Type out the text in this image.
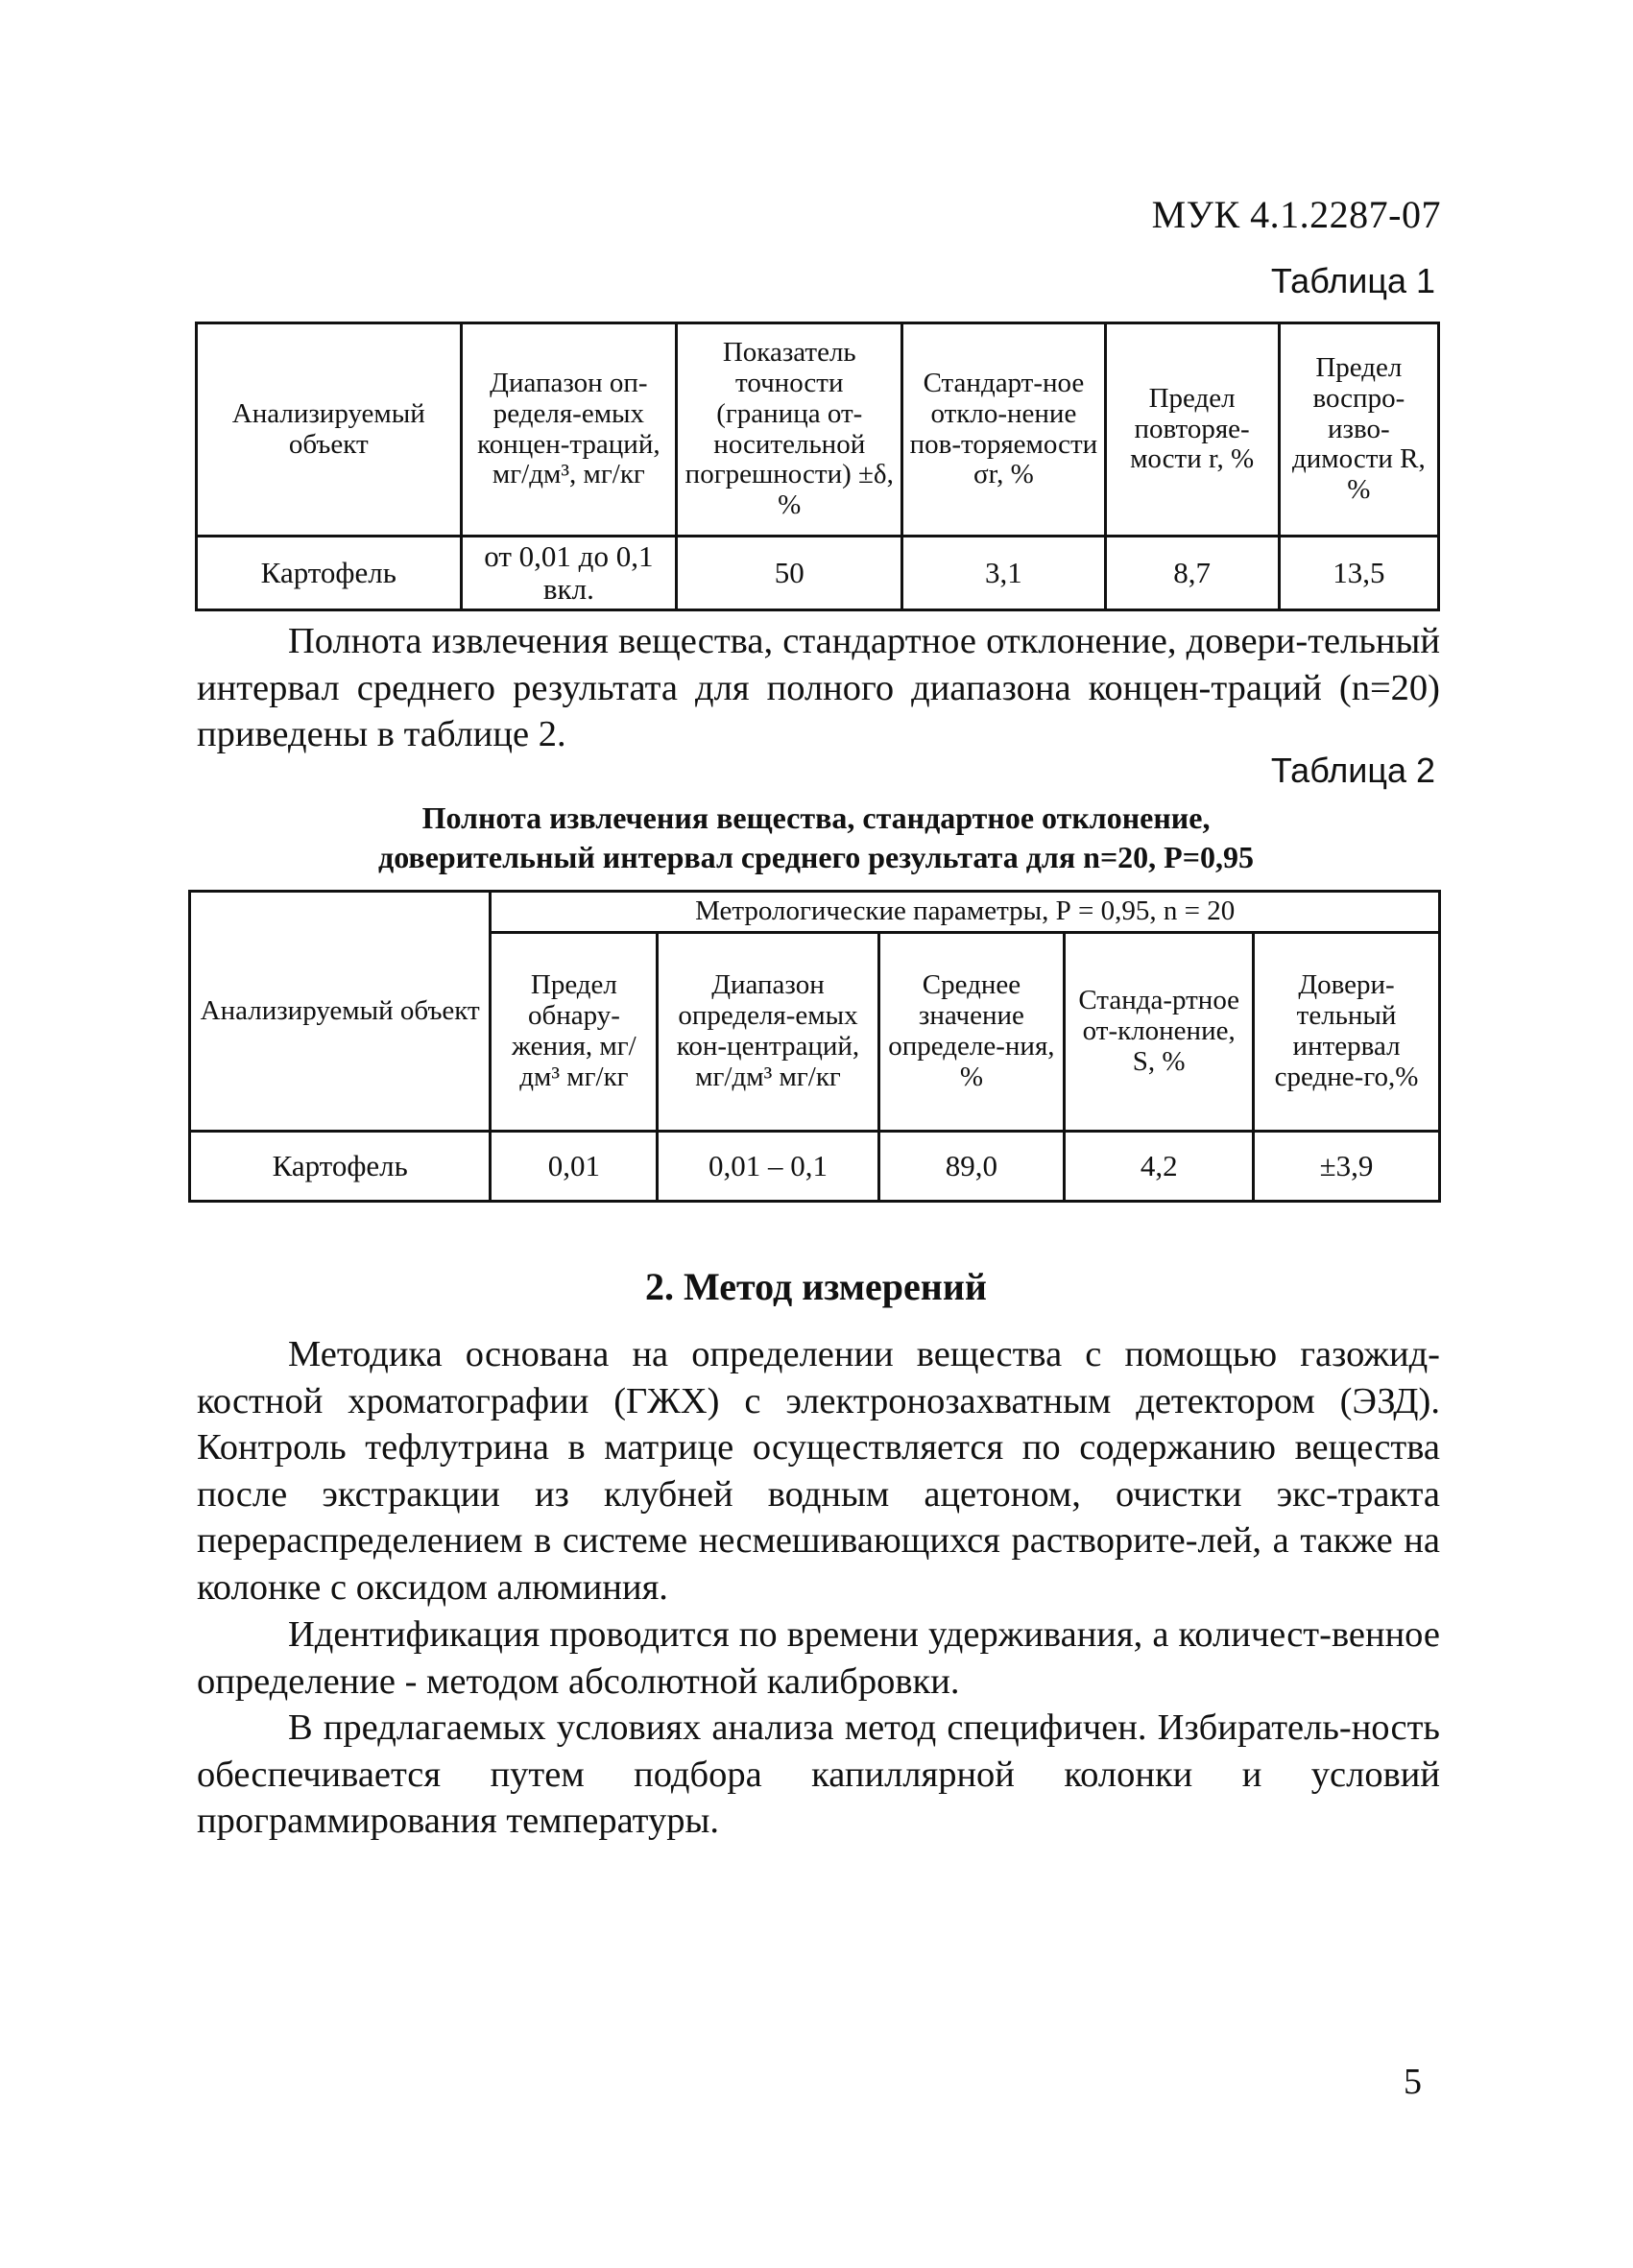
МУК 4.1.2287-07
Таблица 1
Анализируемый объект	Диапазон оп-ределя-емых концен-траций, мг/дм³, мг/кг	Показатель точности (граница от-носительной погрешности) ±δ, %	Стандарт-ное откло-нение пов-торяемости σr, %	Предел повторяе-мости r, %	Предел воспро-изво-димости R, %
Картофель	от 0,01 до 0,1 вкл.	50	3,1	8,7	13,5

Полнота извлечения вещества, стандартное отклонение, довери-тельный интервал среднего результата для полного диапазона концен-траций (n=20) приведены в таблице 2.

Таблица 2
Полнота извлечения вещества, стандартное отклонение,
доверительный интервал среднего результата для n=20, P=0,95
Анализируемый объект	Метрологические параметры, Р = 0,95, n = 20				
	Предел обнару-жения, мг/дм³ мг/кг	Диапазон определя-емых кон-центраций, мг/дм³ мг/кг	Среднее значение определе-ния, %	Станда-ртное от-клонение, S, %	Довери-тельный интервал средне-го,%
Картофель	0,01	0,01 – 0,1	89,0	4,2	±3,9
2. Метод измерений

Методика основана на определении вещества с помощью газожид-костной хроматографии (ГЖХ) с электронозахватным детектором (ЭЗД). Контроль тефлутрина в матрице осуществляется по содержанию вещества после экстракции из клубней водным ацетоном, очистки экс-тракта перераспределением в системе несмешивающихся растворите-лей, а также на колонке с оксидом алюминия.

Идентификация проводится по времени удерживания, а количест-венное определение - методом абсолютной калибровки.

В предлагаемых условиях анализа метод специфичен. Избиратель-ность обеспечивается путем подбора капиллярной колонки и условий программирования температуры.

5
